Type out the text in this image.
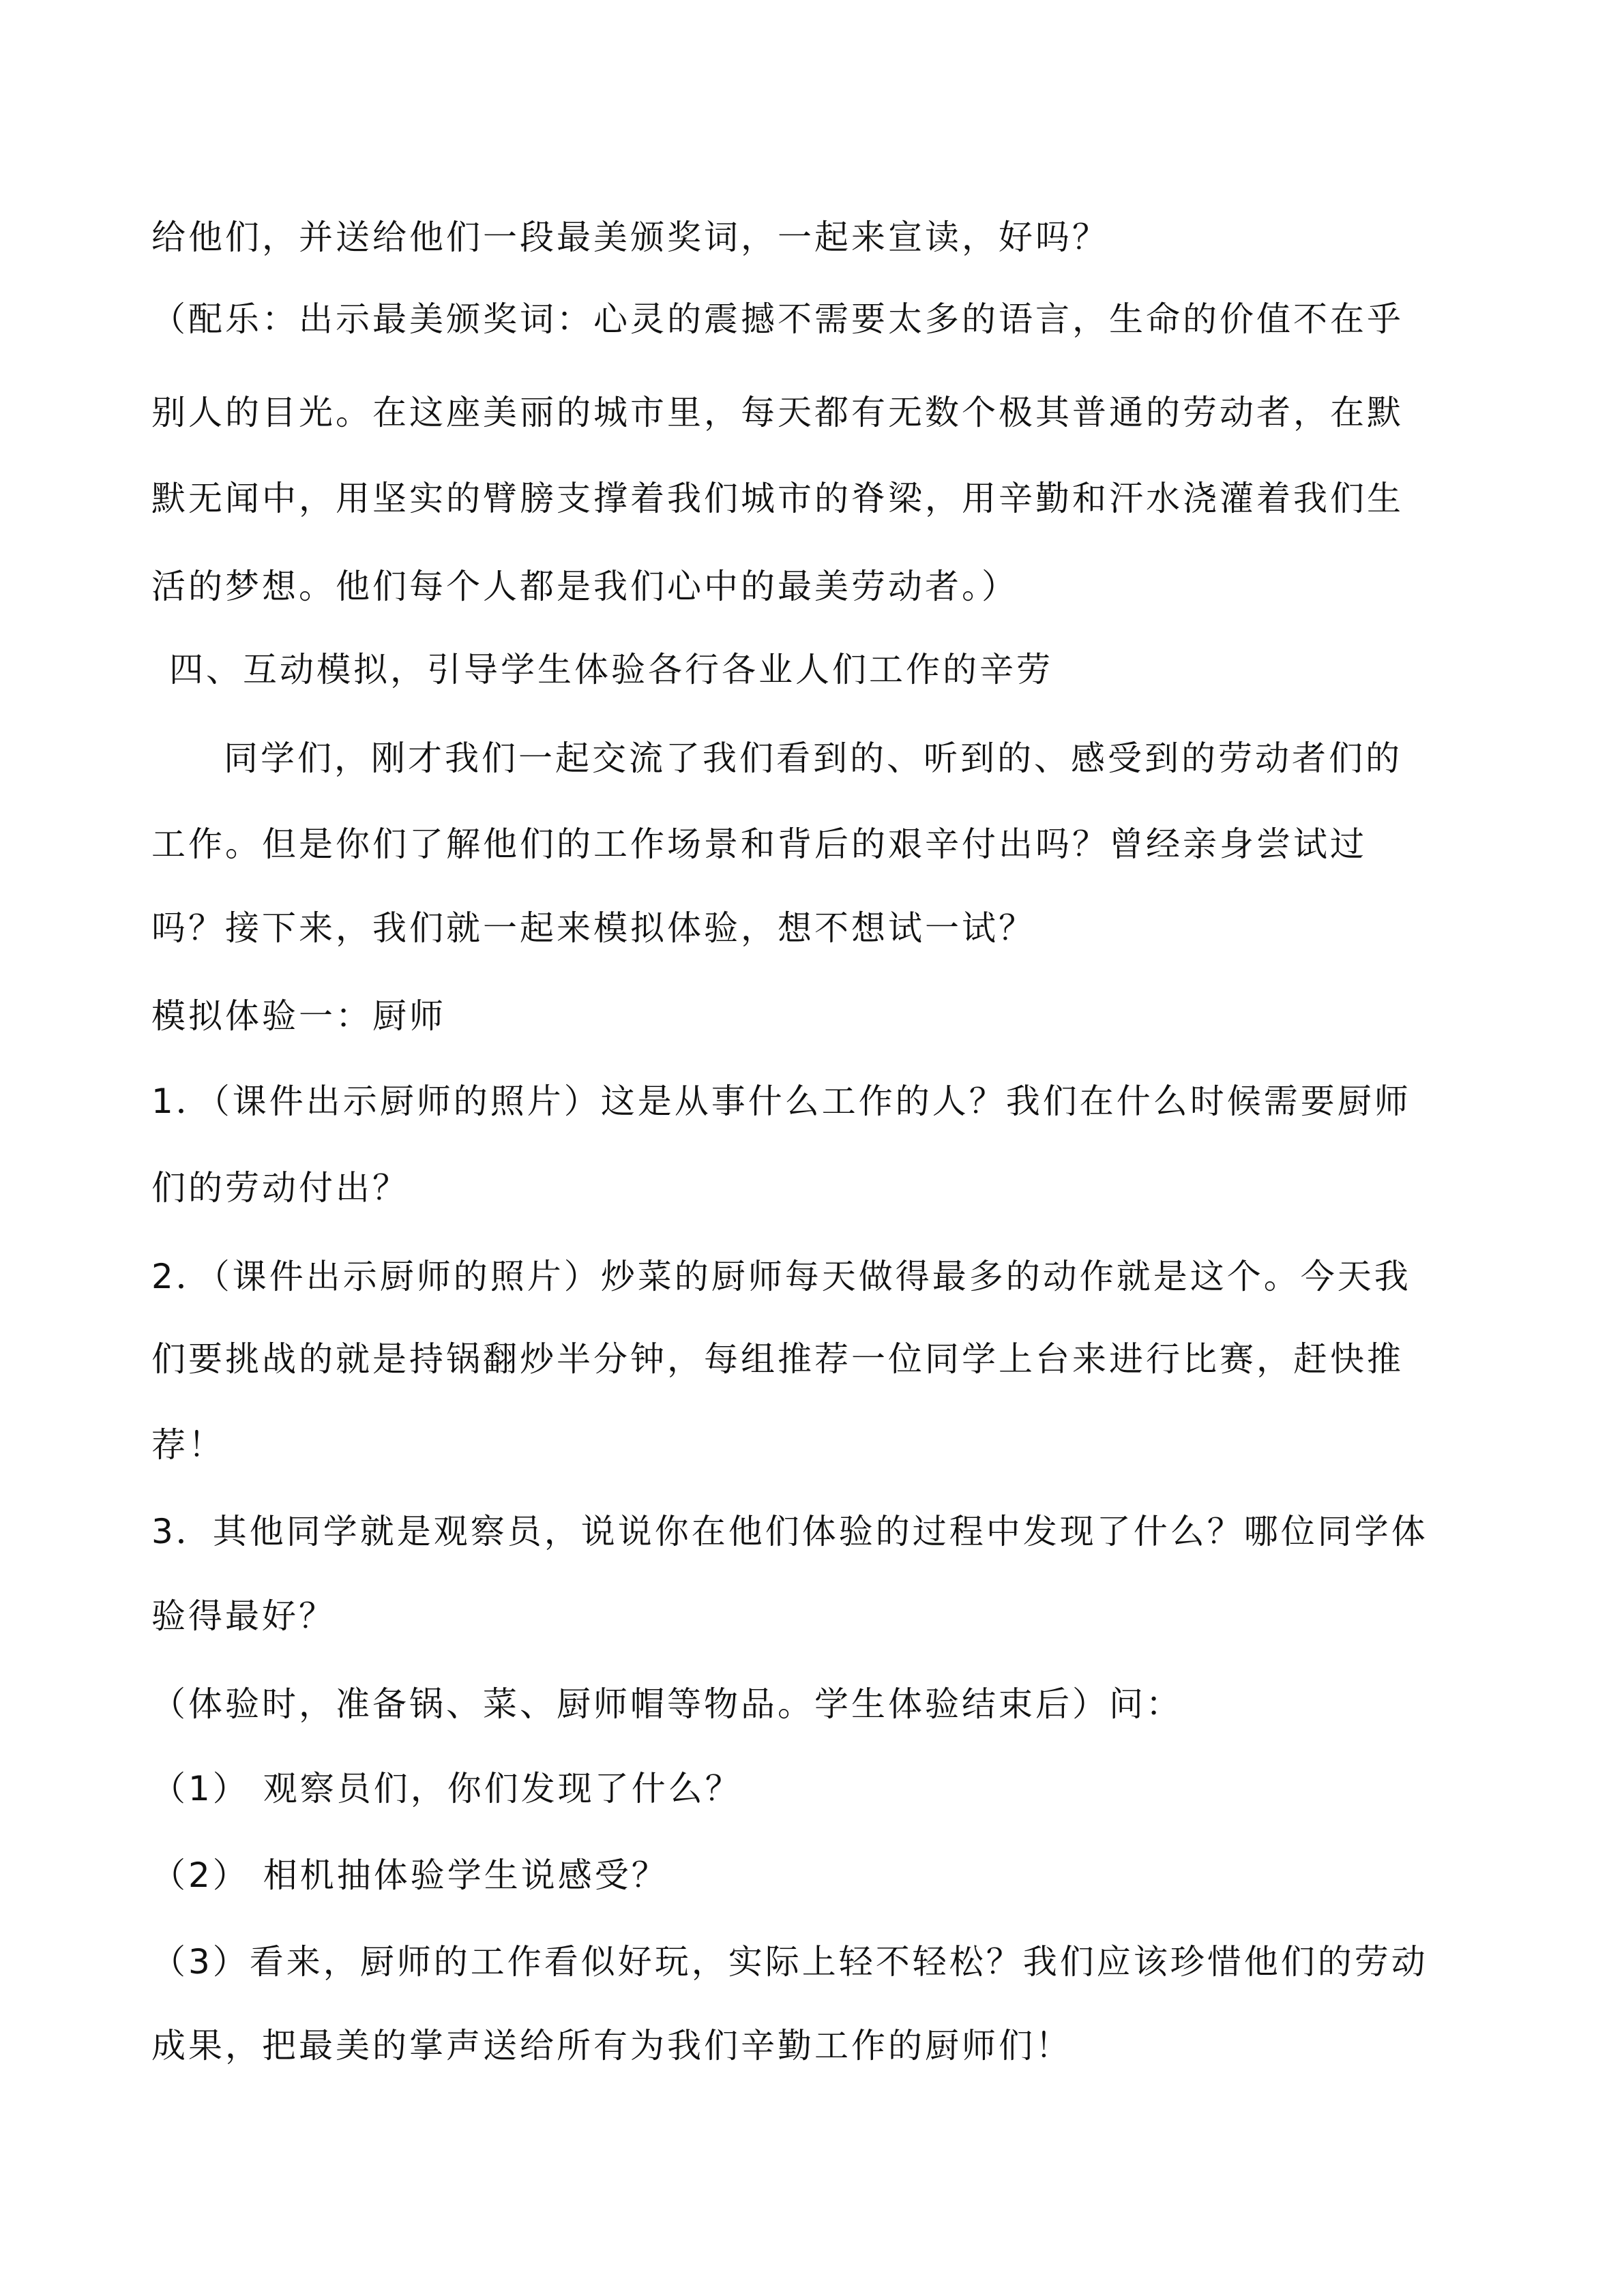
给他们，并送给他们一段最美颁奖词，一起来宣读，好吗？
（配乐：出示最美颁奖词：心灵的震撼不需要太多的语言，生命的价值不在乎
别人的目光。在这座美丽的城市里，每天都有无数个极其普通的劳动者，在默
默无闻中，用坚实的臂膀支撑着我们城市的脊梁，用辛勤和汗水浇灌着我们生
活的梦想。他们每个人都是我们心中的最美劳动者。）
四、互动模拟，引导学生体验各行各业人们工作的辛劳
同学们，刚才我们一起交流了我们看到的、听到的、感受到的劳动者们的
工作。但是你们了解他们的工作场景和背后的艰辛付出吗？曾经亲身尝试过
吗？接下来，我们就一起来模拟体验，想不想试一试？
模拟体验一：厨师
1．（课件出示厨师的照片）这是从事什么工作的人？我们在什么时候需要厨师
们的劳动付出？
2．（课件出示厨师的照片）炒菜的厨师每天做得最多的动作就是这个。今天我
们要挑战的就是持锅翻炒半分钟，每组推荐一位同学上台来进行比赛，赶快推
荐！
3．其他同学就是观察员，说说你在他们体验的过程中发现了什么？哪位同学体
验得最好？
（体验时，准备锅、菜、厨师帽等物品。学生体验结束后）问：
（1） 观察员们，你们发现了什么？
（2） 相机抽体验学生说感受？
（3）看来，厨师的工作看似好玩，实际上轻不轻松？我们应该珍惜他们的劳动
成果，把最美的掌声送给所有为我们辛勤工作的厨师们！
